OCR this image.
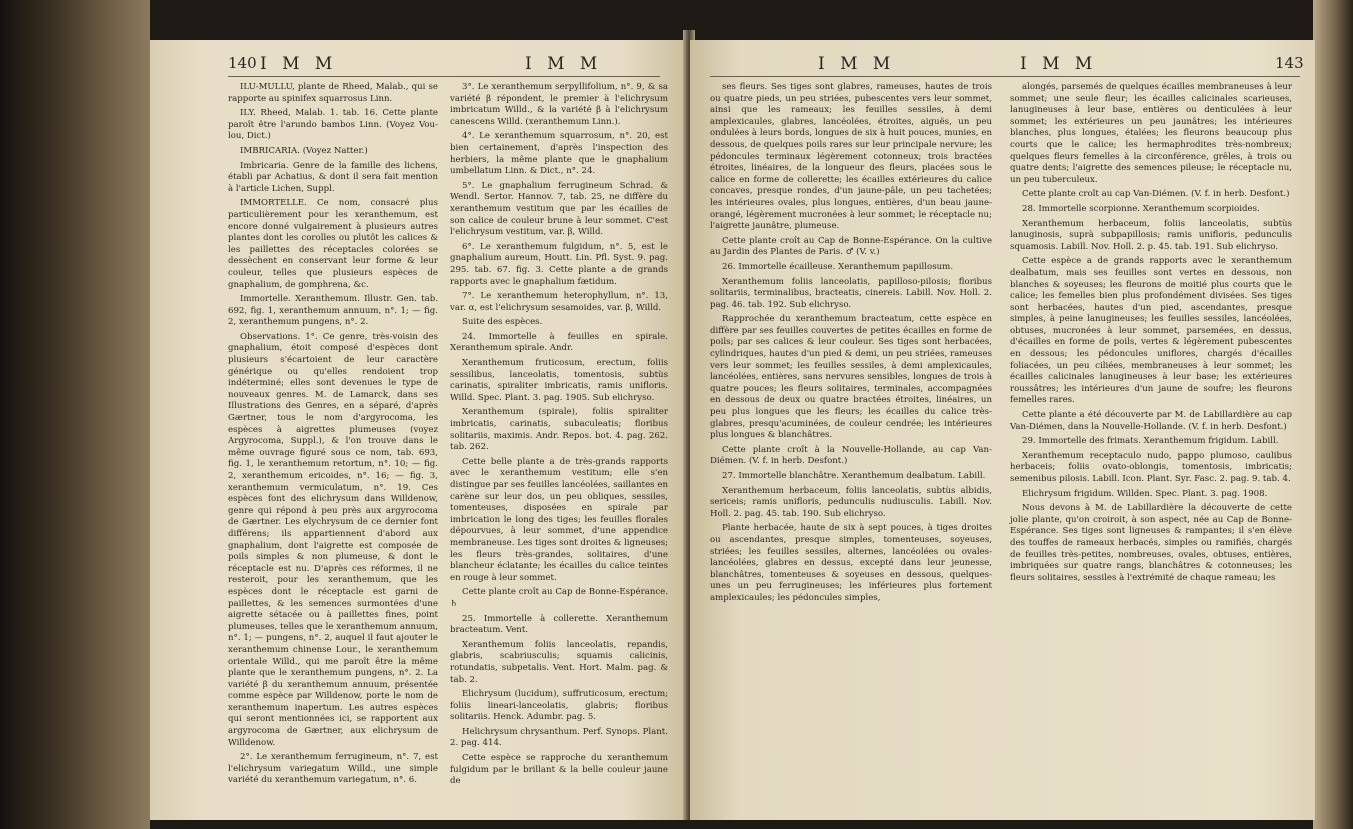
140 I M M	I M M

ILU-MULLU, plante de Rheed, Malab., qui se rapporte au spinifex squarrosus Linn.

ILY. Rheed, Malab. 1. tab. 16. Cette plante paroît être l'arundo bambos Linn. (Voyez Vou-lou, Dict.)

IMBRICARIA. (Voyez Natter.)

Imbricaria. Genre de la famille des lichens, établi par Achatius, & dont il sera fait mention à l'article Lichen, Suppl.

IMMORTELLE. Ce nom, consacré plus particulièrement pour les xeranthemum, est encore donné vulgairement à plusieurs autres plantes dont les corolles ou plutôt les calices & les paillettes des réceptacles colorées se dessèchent en conservant leur forme & leur couleur, telles que plusieurs espèces de gnaphalium, de gomphrena, &c.

Immortelle. Xeranthemum. Illustr. Gen. tab. 692, fig. 1, xeranthemum annuum, n°. 1; — fig. 2, xeranthemum pungens, n°. 2.

Observations. 1°. Ce genre, très-voisin des gnaphalium, étoit composé d'espèces dont plusieurs s'écartoient de leur caractère générique ou qu'elles rendoient trop indéterminé; elles sont devenues le type de nouveaux genres. M. de Lamarck, dans ses Illustrations des Genres, en a séparé, d'après Gærtner, tous le nom d'argyrocoma, les espèces à aigrettes plumeuses (voyez Argyrocoma, Suppl.), & l'on trouve dans le même ouvrage figuré sous ce nom, tab. 693, fig. 1, le xeranthemum retortum, n°. 10; — fig. 2, xeranthemum ericoides, n°. 16; — fig. 3, xeranthemum vermiculatum, n°. 19. Ces espèces font des elichrysum dans Willdenow, genre qui répond à peu près aux argyrocoma de Gærtner. Les elychrysum de ce dernier font différens; ils appartiennent d'abord aux gnaphalium, dont l'aigrette est composée de poils simples & non plumeuse, & dont le réceptacle est nu. D'après ces réformes, il ne resteroit, pour les xeranthemum, que les espèces dont le réceptacle est garni de paillettes, & les semences surmontées d'une aigrette sétacée ou à paillettes fines, point plumeuses, telles que le xeranthemum annuum, n°. 1; — pungens, n°. 2, auquel il faut ajouter le xeranthemum chinense Lour., le xeranthemum orientale Willd., qui me paroît être la même plante que le xeranthemum pungens, n°. 2. La variété β du xeranthemum annuum, présentée comme espèce par Willdenow, porte le nom de xeranthemum inapertum. Les autres espèces qui seront mentionnées ici, se rapportent aux argyrocoma de Gærtner, aux elichrysum de Willdenow.

2°. Le xeranthemum ferrugineum, n°. 7, est l'elichrysum variegatum Willd., une simple variété du xeranthemum variegatum, n°. 6.

3°. Le xeranthemum serpyllifolium, n°. 9, & sa variété β répondent, le premier à l'elichrysum imbricatum Willd., & la variété β à l'elichrysum canescens Willd. (xeranthemum Linn.).

4°. Le xeranthemum squarrosum, n°. 20, est bien certainement, d'après l'inspection des herbiers, la même plante que le gnaphalium umbellatum Linn. & Dict., n°. 24.

5°. Le gnaphalium ferrugineum Schrad. & Wendl. Sertor. Hannov. 7, tab. 25, ne diffère du xeranthemum vestitum que par les écailles de son calice de couleur brune à leur sommet. C'est l'elichrysum vestitum, var. β, Willd.

6°. Le xeranthemum fulgidum, n°. 5, est le gnaphalium aureum, Houtt. Lin. Pfl. Syst. 9. pag. 295. tab. 67. fig. 3. Cette plante a de grands rapports avec le gnaphalium fætidum.

7°. Le xeranthemum heterophyllum, n°. 13, var. α, est l'elichrysum sesamoides, var. β, Willd.

Suite des espèces.

24. Immortelle à feuilles en spirale. Xeranthemum spirale. Andr.

Xeranthemum fruticosum, erectum, foliis sessilibus, lanceolatis, tomentosis, subtùs carinatis, spiraliter imbricatis, ramis unifloris. Willd. Spec. Plant. 3. pag. 1905. Sub elichryso.

Xeranthemum (spirale), foliis spiraliter imbricatis, carinatis, subaculeatis; floribus solitariis, maximis. Andr. Repos. bot. 4. pag. 262. tab. 262.

Cette belle plante a de très-grands rapports avec le xeranthemum vestitum; elle s'en distingue par ses feuilles lancéolées, saillantes en carène sur leur dos, un peu obliques, sessiles, tomenteuses, disposées en spirale par imbrication le long des tiges; les feuilles florales dépourvues, à leur sommet, d'une appendice membraneuse. Les tiges sont droites & ligneuses; les fleurs très-grandes, solitaires, d'une blancheur éclatante; les écailles du calice teintes en rouge à leur sommet.

Cette plante croît au Cap de Bonne-Espérance. ♄

25. Immortelle à collerette. Xeranthemum bracteatum. Vent.

Xeranthemum foliis lanceolatis, repandis, glabris, scabriusculis; squamis calicinis, rotundatis, subpetalis. Vent. Hort. Malm. pag. & tab. 2.

Elichrysum (lucidum), suffruticosum, erectum; foliis lineari-lanceolatis, glabris; floribus solitariis. Henck. Adumbr. pag. 5.

Helichrysum chrysanthum. Perf. Synops. Plant. 2. pag. 414.

Cette espèce se rapproche du xeranthemum fulgidum par le brillant & la belle couleur jaune de

I M M	I M M	143

ses fleurs. Ses tiges sont glabres, rameuses, hautes de trois ou quatre pieds, un peu striées, pubescentes vers leur sommet, ainsi que les rameaux; les feuilles sessiles, à demi amplexicaules, glabres, lancéolées, étroites, aiguës, un peu ondulées à leurs bords, longues de six à huit pouces, munies, en dessous, de quelques poils rares sur leur principale nervure; les pédoncules terminaux légèrement cotonneux; trois bractées étroites, linéaires, de la longueur des fleurs, placées sous le calice en forme de collerette; les écailles extérieures du calice concaves, presque rondes, d'un jaune-pâle, un peu tachetées; les intérieures ovales, plus longues, entières, d'un beau jaune-orangé, légèrement mucronées à leur sommet; le réceptacle nu; l'aigrette jaunâtre, plumeuse.

Cette plante croît au Cap de Bonne-Espérance. On la cultive au Jardin des Plantes de Paris. ♂ (V. v.)

26. Immortelle écailleuse. Xeranthemum papillosum.

Xeranthemum foliis lanceolatis, papilloso-pilosis; floribus solitariis, terminalibus, bracteatis, cinereis. Labill. Nov. Holl. 2. pag. 46. tab. 192. Sub elichryso.

Rapprochée du xeranthemum bracteatum, cette espèce en diffère par ses feuilles couvertes de petites écailles en forme de poils; par ses calices & leur couleur. Ses tiges sont herbacées, cylindriques, hautes d'un pied & demi, un peu striées, rameuses vers leur sommet; les feuilles sessiles, à demi amplexicaules, lancéolées, entières, sans nervures sensibles, longues de trois à quatre pouces; les fleurs solitaires, terminales, accompagnées en dessous de deux ou quatre bractées étroites, linéaires, un peu plus longues que les fleurs; les écailles du calice très-glabres, presqu'acuminées, de couleur cendrée; les intérieures plus longues & blanchâtres.

Cette plante croît à la Nouvelle-Hollande, au cap Van-Diémen. (V. f. in herb. Desfont.)

27. Immortelle blanchâtre. Xeranthemum dealbatum. Labill.

Xeranthemum herbaceum, foliis lanceolatis, subtùs albidis, sericeis; ramis unifloris, pedunculis nudiusculis. Labill. Nov. Holl. 2. pag. 45. tab. 190. Sub elichryso.

Plante herbacée, haute de six à sept pouces, à tiges droites ou ascendantes, presque simples, tomenteuses, soyeuses, striées; les feuilles sessiles, alternes, lancéolées ou ovales-lancéolées, glabres en dessus, excepté dans leur jeunesse, blanchâtres, tomenteuses & soyeuses en dessous, quelques-unes un peu ferrugineuses; les inférieures plus fortement amplexicaules; les pédoncules simples,

alongés, parsemés de quelques écailles membraneuses à leur sommet; une seule fleur; les écailles calicinales scarieuses, lanugineuses à leur base, entières ou denticulées à leur sommet; les extérieures un peu jaunâtres; les intérieures blanches, plus longues, étalées; les fleurons beaucoup plus courts que le calice; les hermaphrodites très-nombreux; quelques fleurs femelles à la circonférence, grêles, à trois ou quatre dents; l'aigrette des semences pileuse; le réceptacle nu, un peu tuberculeux.

Cette plante croît au cap Van-Diémen. (V. f. in herb. Desfont.)

28. Immortelle scorpionne. Xeranthemum scorpioides.

Xeranthemum herbaceum, foliis lanceolatis, subtùs lanuginosis, suprà subpapillosis; ramis unifloris, pedunculis squamosis. Labill. Nov. Holl. 2. p. 45. tab. 191. Sub elichryso.

Cette espèce a de grands rapports avec le xeranthemum dealbatum, mais ses feuilles sont vertes en dessous, non blanches & soyeuses; les fleurons de moitié plus courts que le calice; les femelles bien plus profondément divisées. Ses tiges sont herbacées, hautes d'un pied, ascendantes, presque simples, à peine lanugineuses; les feuilles sessiles, lancéolées, obtuses, mucronées à leur sommet, parsemées, en dessus, d'écailles en forme de poils, vertes & légèrement pubescentes en dessous; les pédoncules uniflores, chargés d'écailles foliacées, un peu ciliées, membraneuses à leur sommet; les écailles calicinales lanugineuses à leur base; les extérieures roussâtres; les intérieures d'un jaune de soufre; les fleurons femelles rares.

Cette plante a été découverte par M. de Labillardière au cap Van-Diémen, dans la Nouvelle-Hollande. (V. f. in herb. Desfont.)

29. Immortelle des frimats. Xeranthemum frigidum. Labill.

Xeranthemum receptaculo nudo, pappo plumoso, caulibus herbaceis; foliis ovato-oblongis, tomentosis, imbricatis; semenibus pilosis. Labill. Icon. Plant. Syr. Fasc. 2. pag. 9. tab. 4.

Elichrysum frigidum. Willden. Spec. Plant. 3. pag. 1908.

Nous devons à M. de Labillardière la découverte de cette jolie plante, qu'on croiroit, à son aspect, née au Cap de Bonne-Espérance. Ses tiges sont ligneuses & rampantes; il s'en élève des touffes de rameaux herbacés, simples ou ramifiés, chargés de feuilles très-petites, nombreuses, ovales, obtuses, entières, imbriquées sur quatre rangs, blanchâtres & cotonneuses; les fleurs solitaires, sessiles à l'extrémité de chaque rameau; les
